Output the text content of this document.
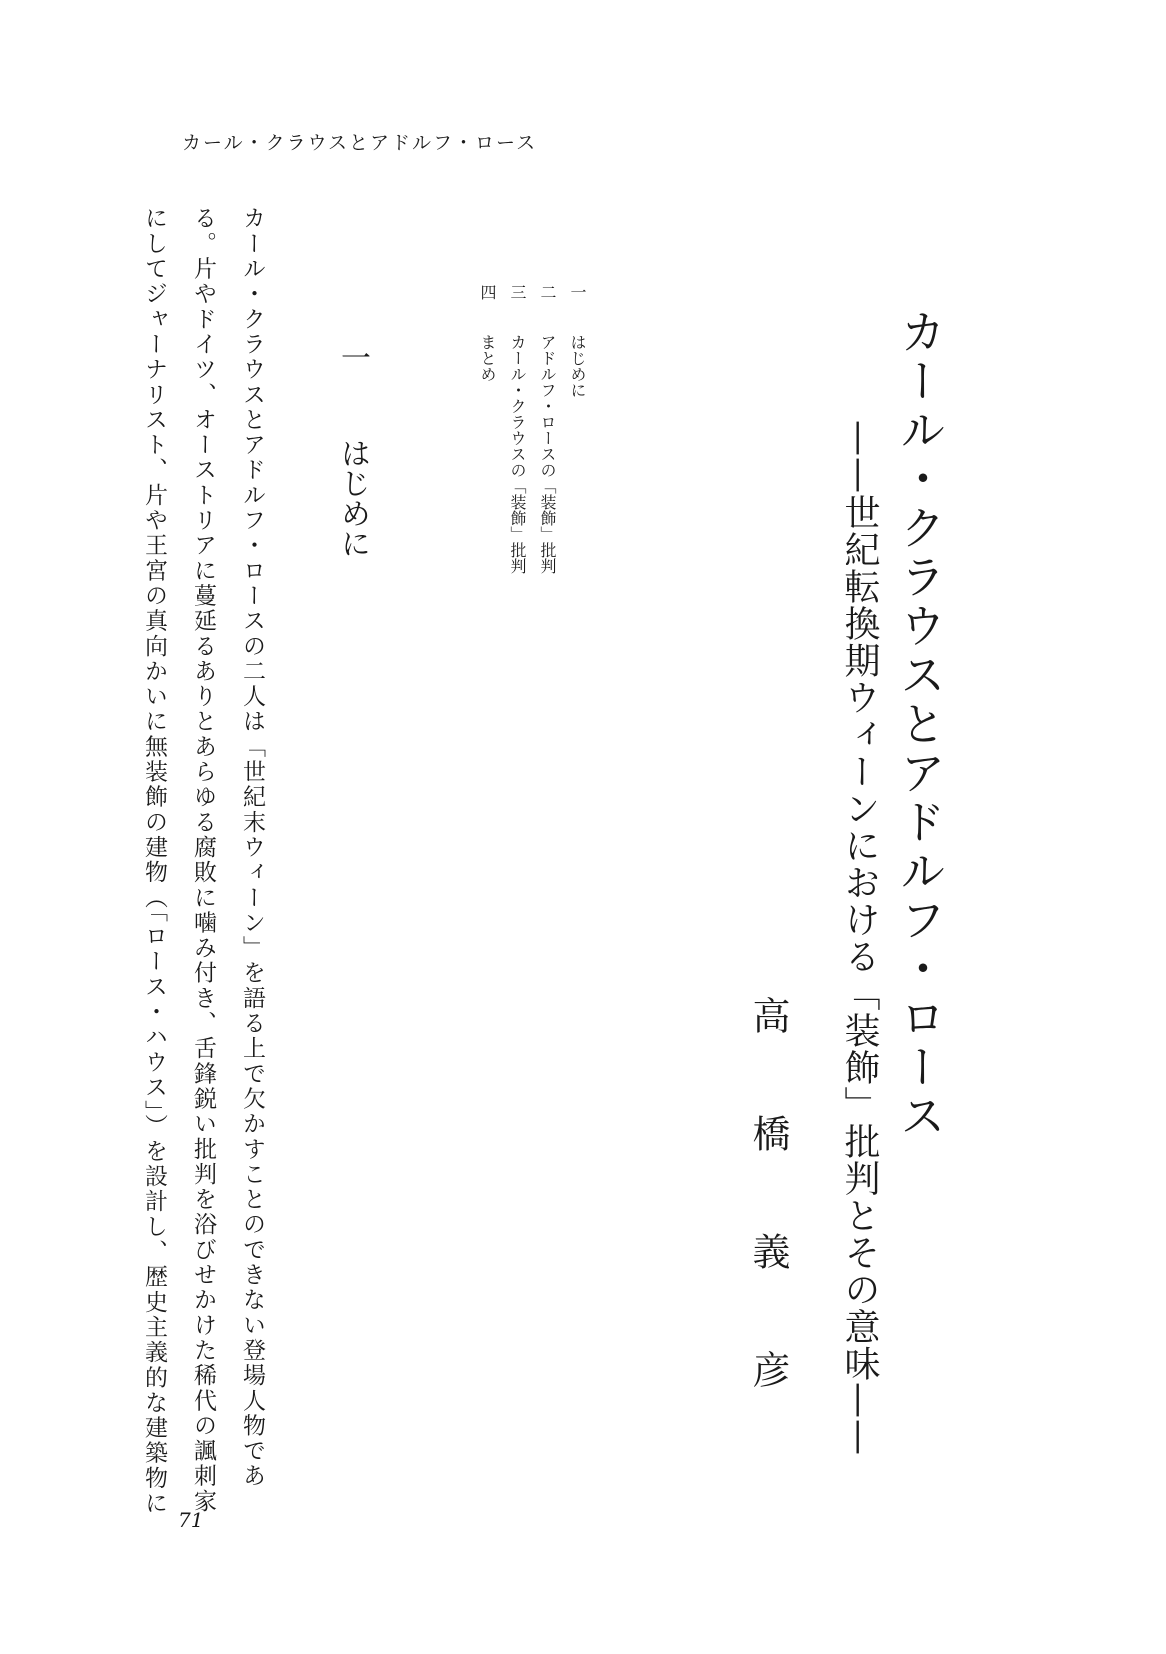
カール・クラウスとアドルフ・ロース
カール・クラウスとアドルフ・ロース
——世紀転換期ウィーンにおける「装飾」批判とその意味——
高橋義彦
一　はじめに
二　アドルフ・ロースの「装飾」批判
三　カール・クラウスの「装飾」批判
四　まとめ
一　はじめに
カール・クラウスとアドルフ・ロースの二人は「世紀末ウィーン」を語る上で欠かすことのできない登場人物であ
る。片やドイツ、オーストリアに蔓延るありとあらゆる腐敗に噛み付き、舌鋒鋭い批判を浴びせかけた稀代の諷刺家
にしてジャーナリスト、片や王宮の真向かいに無装飾の建物（「ロース・ハウス」）を設計し、歴史主義的な建築物に
71
